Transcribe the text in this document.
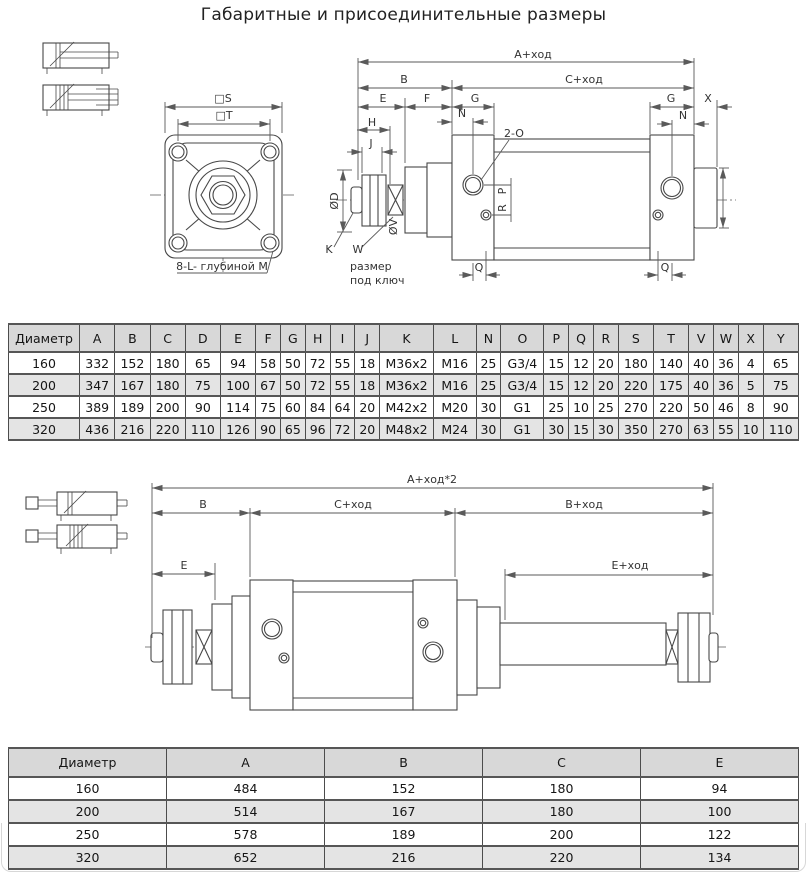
Габаритные и присоединительные размеры
□S
□T
8-L- глубиной M
A+ход
B	C+ход
E	F	G	G	X
N	N
H
J
2-O
P
R
Q	Q
ØD
ØV
K W
размер
под ключ
Диаметр	A	B	C	D	E	F	G	H	I	J	K	L	N	O	P	Q	R	S	T	V	W	X	Y
160	332	152	180	65	94	58	50	72	55	18	M36x2	M16	25	G3/4	15	12	20	180	140	40	36	4	65
200	347	167	180	75	100	67	50	72	55	18	M36x2	M16	25	G3/4	15	12	20	220	175	40	36	5	75
250	389	189	200	90	114	75	60	84	64	20	M42x2	M20	30	G1	25	10	25	270	220	50	46	8	90
320	436	216	220	110	126	90	65	96	72	20	M48x2	M24	30	G1	30	15	30	350	270	63	55	10	110
A+ход*2
B	C+ход	B+ход
E	E+ход
Диаметр	A	B	C	E
160	484	152	180	94
200	514	167	180	100
250	578	189	200	122
320	652	216	220	134
